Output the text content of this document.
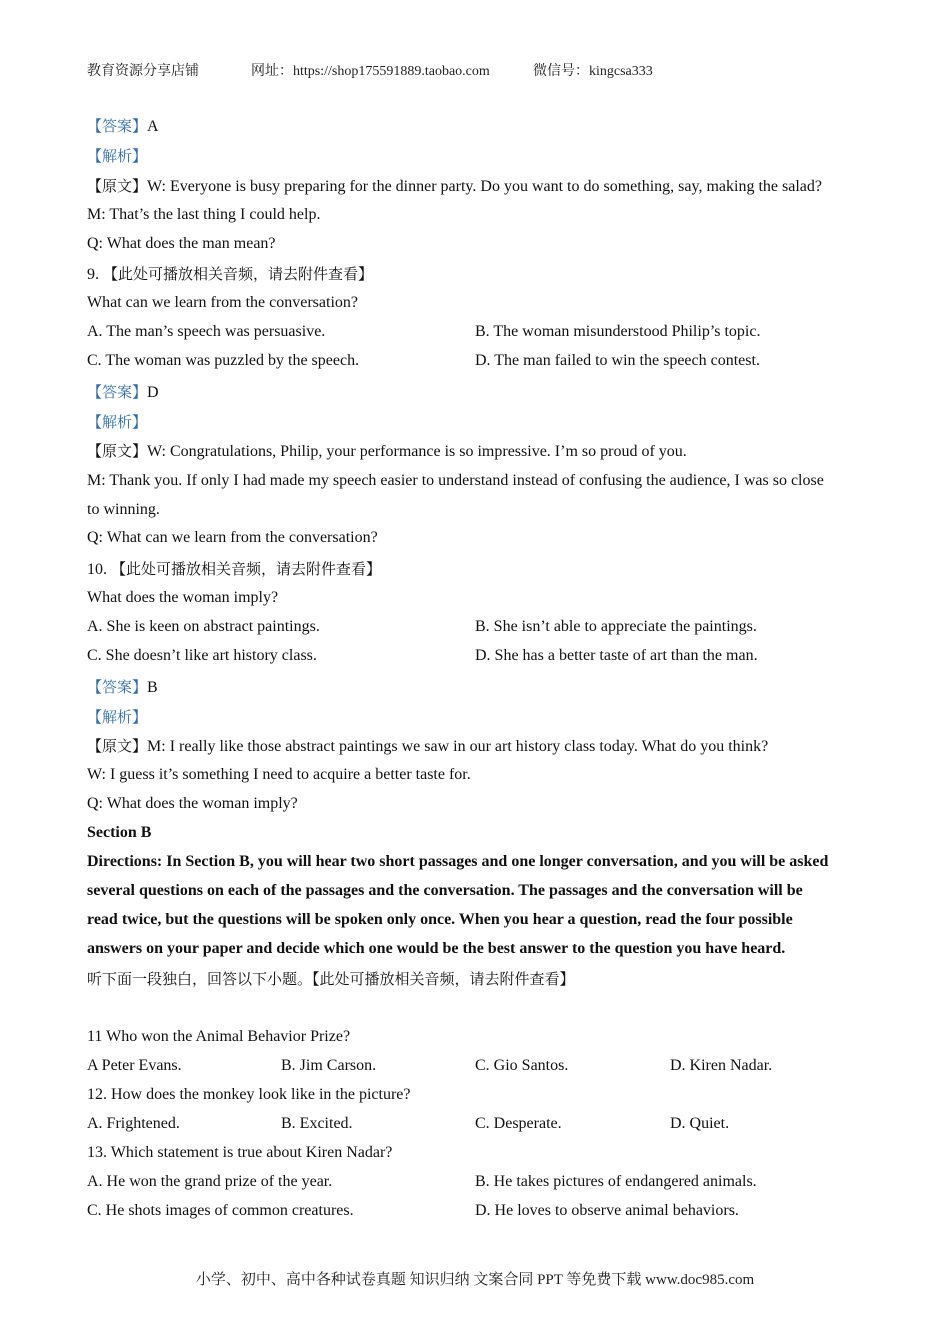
教育资源分享店铺	网址：https://shop175591889.taobao.com	微信号：kingcsa333
【答案】A
【解析】
【原文】W: Everyone is busy preparing for the dinner party. Do you want to do something, say, making the salad?
M: That’s the last thing I could help.
Q: What does the man mean?
9. 【此处可播放相关音频，请去附件查看】
What can we learn from the conversation?
A. The man’s speech was persuasive.	B. The woman misunderstood Philip’s topic.
C. The woman was puzzled by the speech.	D. The man failed to win the speech contest.
【答案】D
【解析】
【原文】W: Congratulations, Philip, your performance is so impressive. I’m so proud of you.
M: Thank you. If only I had made my speech easier to understand instead of confusing the audience, I was so close
to winning.
Q: What can we learn from the conversation?
10. 【此处可播放相关音频，请去附件查看】
What does the woman imply?
A. She is keen on abstract paintings.	B. She isn’t able to appreciate the paintings.
C. She doesn’t like art history class.	D. She has a better taste of art than the man.
【答案】B
【解析】
【原文】M: I really like those abstract paintings we saw in our art history class today. What do you think?
W: I guess it’s something I need to acquire a better taste for.
Q: What does the woman imply?
Section B
Directions: In Section B, you will hear two short passages and one longer conversation, and you will be asked
several questions on each of the passages and the conversation. The passages and the conversation will be
read twice, but the questions will be spoken only once. When you hear a question, read the four possible
answers on your paper and decide which one would be the best answer to the question you have heard.
听下面一段独白，回答以下小题。【此处可播放相关音频，请去附件查看】
11 Who won the Animal Behavior Prize?
A Peter Evans.	B. Jim Carson.	C. Gio Santos.	D. Kiren Nadar.
12. How does the monkey look like in the picture?
A. Frightened.	B. Excited.	C. Desperate.	D. Quiet.
13. Which statement is true about Kiren Nadar?
A. He won the grand prize of the year.	B. He takes pictures of endangered animals.
C. He shots images of common creatures.	D. He loves to observe animal behaviors.
小学、初中、高中各种试卷真题 知识归纳 文案合同 PPT 等免费下载 www.doc985.com
